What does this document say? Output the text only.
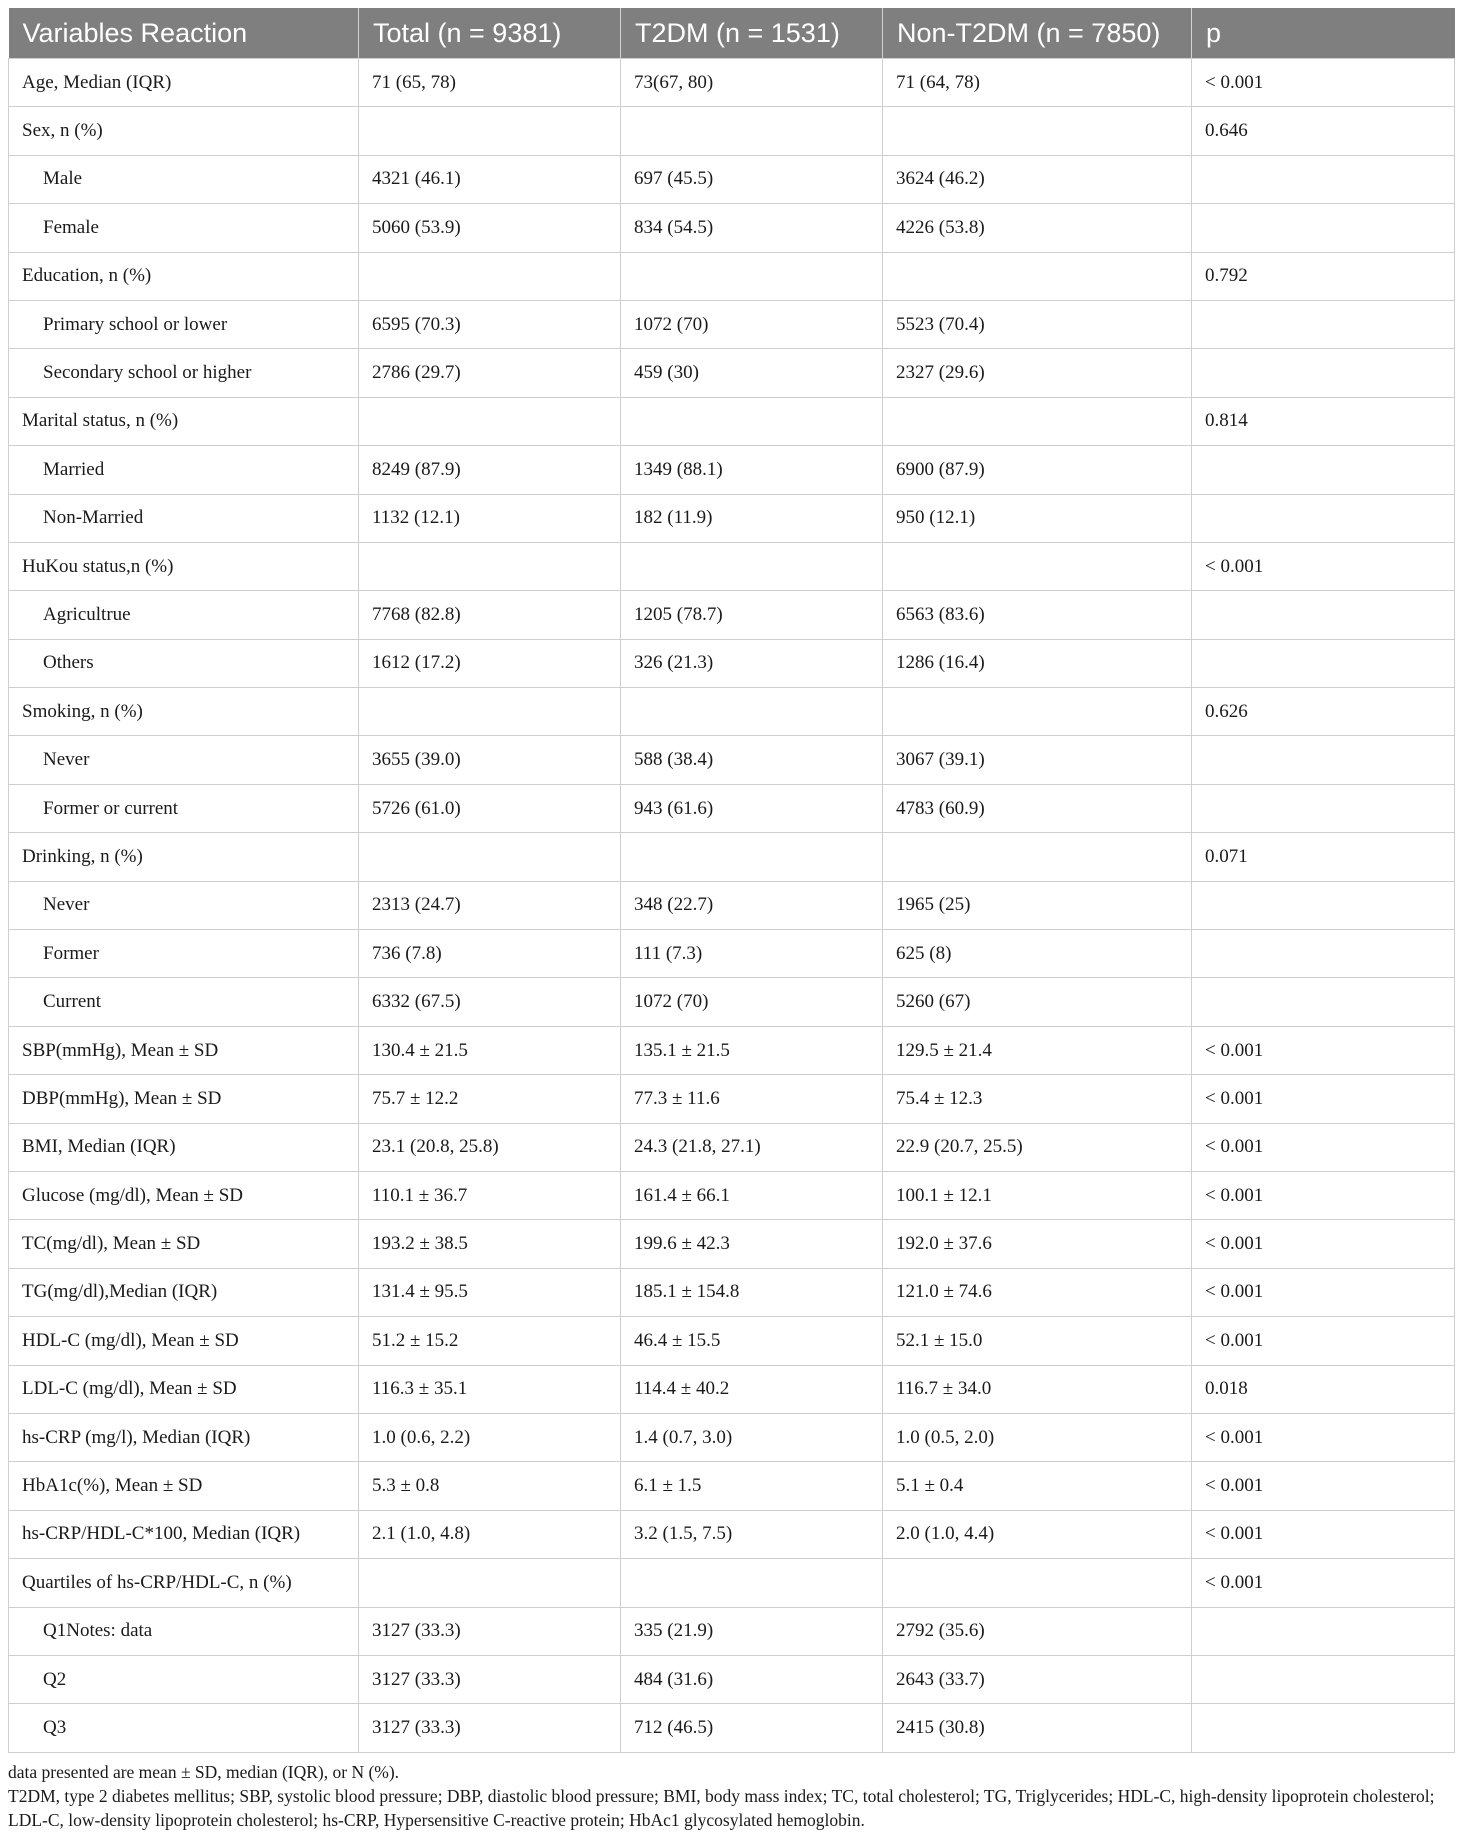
Variables Reaction	Total (n = 9381)	T2DM (n = 1531)	Non-T2DM (n = 7850)	p
Age, Median (IQR)	71 (65, 78)	73(67, 80)	71 (64, 78)	< 0.001
Sex, n (%)				0.646
Male	4321 (46.1)	697 (45.5)	3624 (46.2)	
Female	5060 (53.9)	834 (54.5)	4226 (53.8)	
Education, n (%)				0.792
Primary school or lower	6595 (70.3)	1072 (70)	5523 (70.4)	
Secondary school or higher	2786 (29.7)	459 (30)	2327 (29.6)	
Marital status, n (%)				0.814
Married	8249 (87.9)	1349 (88.1)	6900 (87.9)	
Non-Married	1132 (12.1)	182 (11.9)	950 (12.1)	
HuKou status,n (%)				< 0.001
Agricultrue	7768 (82.8)	1205 (78.7)	6563 (83.6)	
Others	1612 (17.2)	326 (21.3)	1286 (16.4)	
Smoking, n (%)				0.626
Never	3655 (39.0)	588 (38.4)	3067 (39.1)	
Former or current	5726 (61.0)	943 (61.6)	4783 (60.9)	
Drinking, n (%)				0.071
Never	2313 (24.7)	348 (22.7)	1965 (25)	
Former	736 (7.8)	111 (7.3)	625 (8)	
Current	6332 (67.5)	1072 (70)	5260 (67)	
SBP(mmHg), Mean ± SD	130.4 ± 21.5	135.1 ± 21.5	129.5 ± 21.4	< 0.001
DBP(mmHg), Mean ± SD	75.7 ± 12.2	77.3 ± 11.6	75.4 ± 12.3	< 0.001
BMI, Median (IQR)	23.1 (20.8, 25.8)	24.3 (21.8, 27.1)	22.9 (20.7, 25.5)	< 0.001
Glucose (mg/dl), Mean ± SD	110.1 ± 36.7	161.4 ± 66.1	100.1 ± 12.1	< 0.001
TC(mg/dl), Mean ± SD	193.2 ± 38.5	199.6 ± 42.3	192.0 ± 37.6	< 0.001
TG(mg/dl),Median (IQR)	131.4 ± 95.5	185.1 ± 154.8	121.0 ± 74.6	< 0.001
HDL-C (mg/dl), Mean ± SD	51.2 ± 15.2	46.4 ± 15.5	52.1 ± 15.0	< 0.001
LDL-C (mg/dl), Mean ± SD	116.3 ± 35.1	114.4 ± 40.2	116.7 ± 34.0	0.018
hs-CRP (mg/l), Median (IQR)	1.0 (0.6, 2.2)	1.4 (0.7, 3.0)	1.0 (0.5, 2.0)	< 0.001
HbA1c(%), Mean ± SD	5.3 ± 0.8	6.1 ± 1.5	5.1 ± 0.4	< 0.001
hs-CRP/HDL-C*100, Median (IQR)	2.1 (1.0, 4.8)	3.2 (1.5, 7.5)	2.0 (1.0, 4.4)	< 0.001
Quartiles of hs-CRP/HDL-C, n (%)				< 0.001
Q1Notes: data	3127 (33.3)	335 (21.9)	2792 (35.6)	
Q2	3127 (33.3)	484 (31.6)	2643 (33.7)	
Q3	3127 (33.3)	712 (46.5)	2415 (30.8)	

data presented are mean ± SD, median (IQR), or N (%).

T2DM, type 2 diabetes mellitus; SBP, systolic blood pressure; DBP, diastolic blood pressure; BMI, body mass index; TC, total cholesterol; TG, Triglycerides; HDL-C, high-density lipoprotein cholesterol; LDL-C, low-density lipoprotein cholesterol; hs-CRP, Hypersensitive C-reactive protein; HbAc1 glycosylated hemoglobin.
